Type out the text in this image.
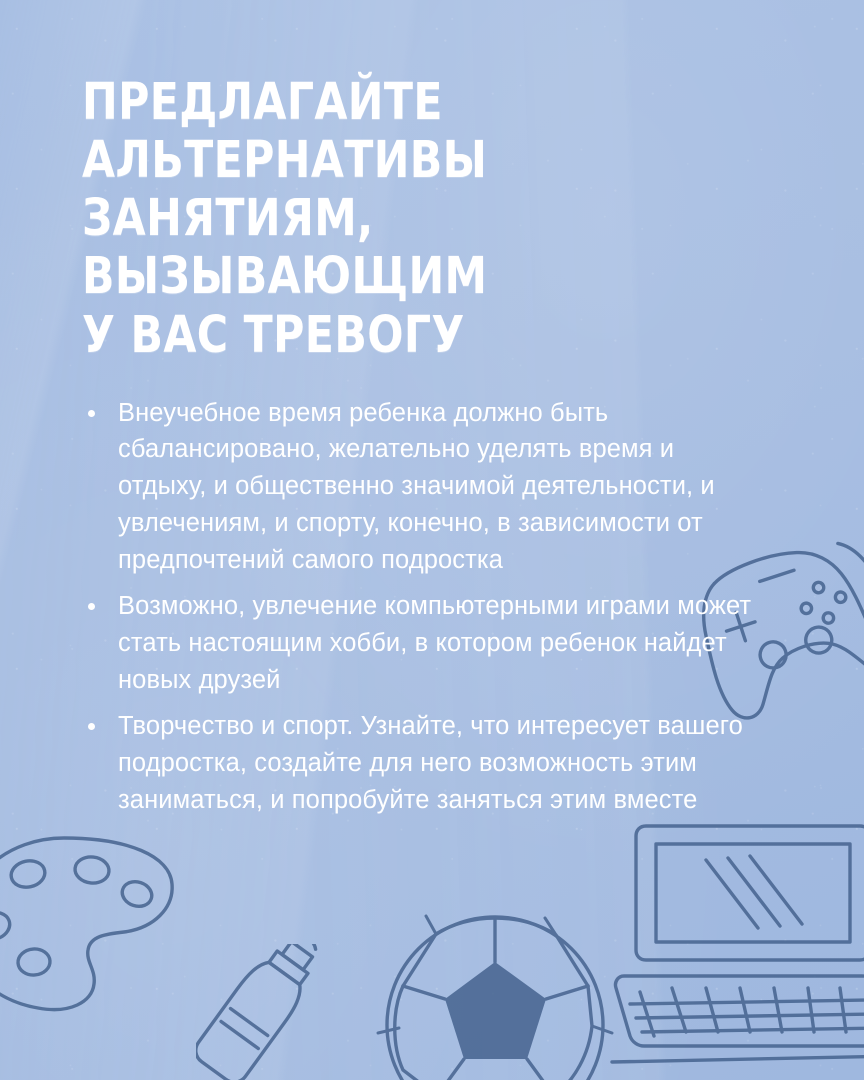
ПРЕДЛАГАЙТЕ АЛЬТЕРНАТИВЫ
ЗАНЯТИЯМ, ВЫЗЫВАЮЩИМ
У ВАС ТРЕВОГУ
Внеучебное время ребенка должно быть сбалансировано, желательно уделять время и отдыху, и общественно значимой деятельности, и увлечениям, и спорту, конечно, в зависимости от предпочтений самого подростка
Возможно, увлечение компьютерными играми может стать настоящим хобби, в котором ребенок найдет новых друзей
Творчество и спорт. Узнайте, что интересует вашего подростка, создайте для него возможность этим заниматься, и попробуйте заняться этим вместе
